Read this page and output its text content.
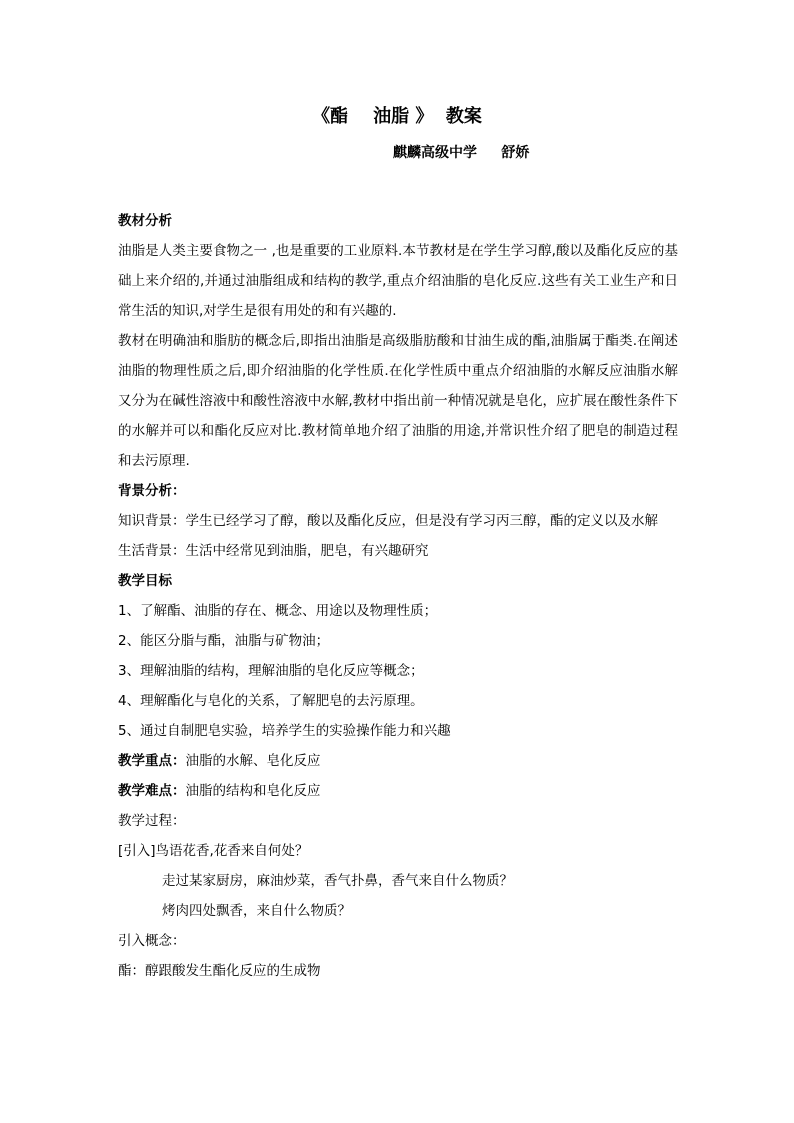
《酯    油脂 》  教案
麒麟高级中学     舒娇

教材分析

油脂是人类主要食物之一 ,也是重要的工业原料.本节教材是在学生学习醇,酸以及酯化反应的基础上来介绍的,并通过油脂组成和结构的教学,重点介绍油脂的皂化反应.这些有关工业生产和日常生活的知识,对学生是很有用处的和有兴趣的.

教材在明确油和脂肪的概念后,即指出油脂是高级脂肪酸和甘油生成的酯,油脂属于酯类.在阐述油脂的物理性质之后,即介绍油脂的化学性质.在化学性质中重点介绍油脂的水解反应油脂水解又分为在碱性溶液中和酸性溶液中水解,教材中指出前一种情况就是皂化，应扩展在酸性条件下的水解并可以和酯化反应对比.教材简单地介绍了油脂的用途,并常识性介绍了肥皂的制造过程和去污原理.

背景分析：

知识背景：学生已经学习了醇，酸以及酯化反应，但是没有学习丙三醇，酯的定义以及水解

生活背景：生活中经常见到油脂，肥皂，有兴趣研究

教学目标

1、了解酯、油脂的存在、概念、用途以及物理性质；

2、能区分脂与酯，油脂与矿物油；

3、理解油脂的结构，理解油脂的皂化反应等概念；

4、理解酯化与皂化的关系，了解肥皂的去污原理。

5、通过自制肥皂实验，培养学生的实验操作能力和兴趣

教学重点：油脂的水解、皂化反应

教学难点：油脂的结构和皂化反应

教学过程：

[引入]鸟语花香,花香来自何处？

走过某家厨房，麻油炒菜，香气扑鼻，香气来自什么物质？

烤肉四处飘香，来自什么物质？

引入概念：

酯：醇跟酸发生酯化反应的生成物
